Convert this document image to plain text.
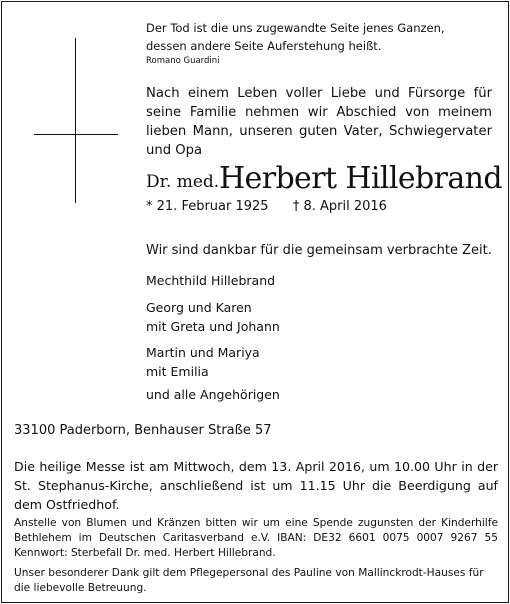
Der Tod ist die uns zugewandte Seite jenes Ganzen,
dessen andere Seite Auferstehung heißt.
Romano Guardini
Nach einem Leben voller Liebe und Fürsorge für seine Familie nehmen wir Abschied von meinem lieben Mann, unseren guten Vater, Schwiegervater und Opa
Dr. med. Herbert Hillebrand
* 21. Februar 1925 † 8. April 2016
Wir sind dankbar für die gemeinsam verbrachte Zeit.
Mechthild Hillebrand
Georg und Karen
mit Greta und Johann
Martin und Mariya
mit Emilia
und alle Angehörigen
33100 Paderborn, Benhauser Straße 57
Die heilige Messe ist am Mittwoch, dem 13. April 2016, um 10.00 Uhr in der St. Stephanus-Kirche, anschließend ist um 11.15 Uhr die Beerdigung auf dem Ostfriedhof.
Anstelle von Blumen und Kränzen bitten wir um eine Spende zugunsten der Kinderhilfe Bethlehem im Deutschen Caritasverband e.V. IBAN: DE32 6601 0075 0007 9267 55 Kennwort: Sterbefall Dr. med. Herbert Hillebrand.
Unser besonderer Dank gilt dem Pflegepersonal des Pauline von Mallinckrodt-Hauses für die liebevolle Betreuung.
